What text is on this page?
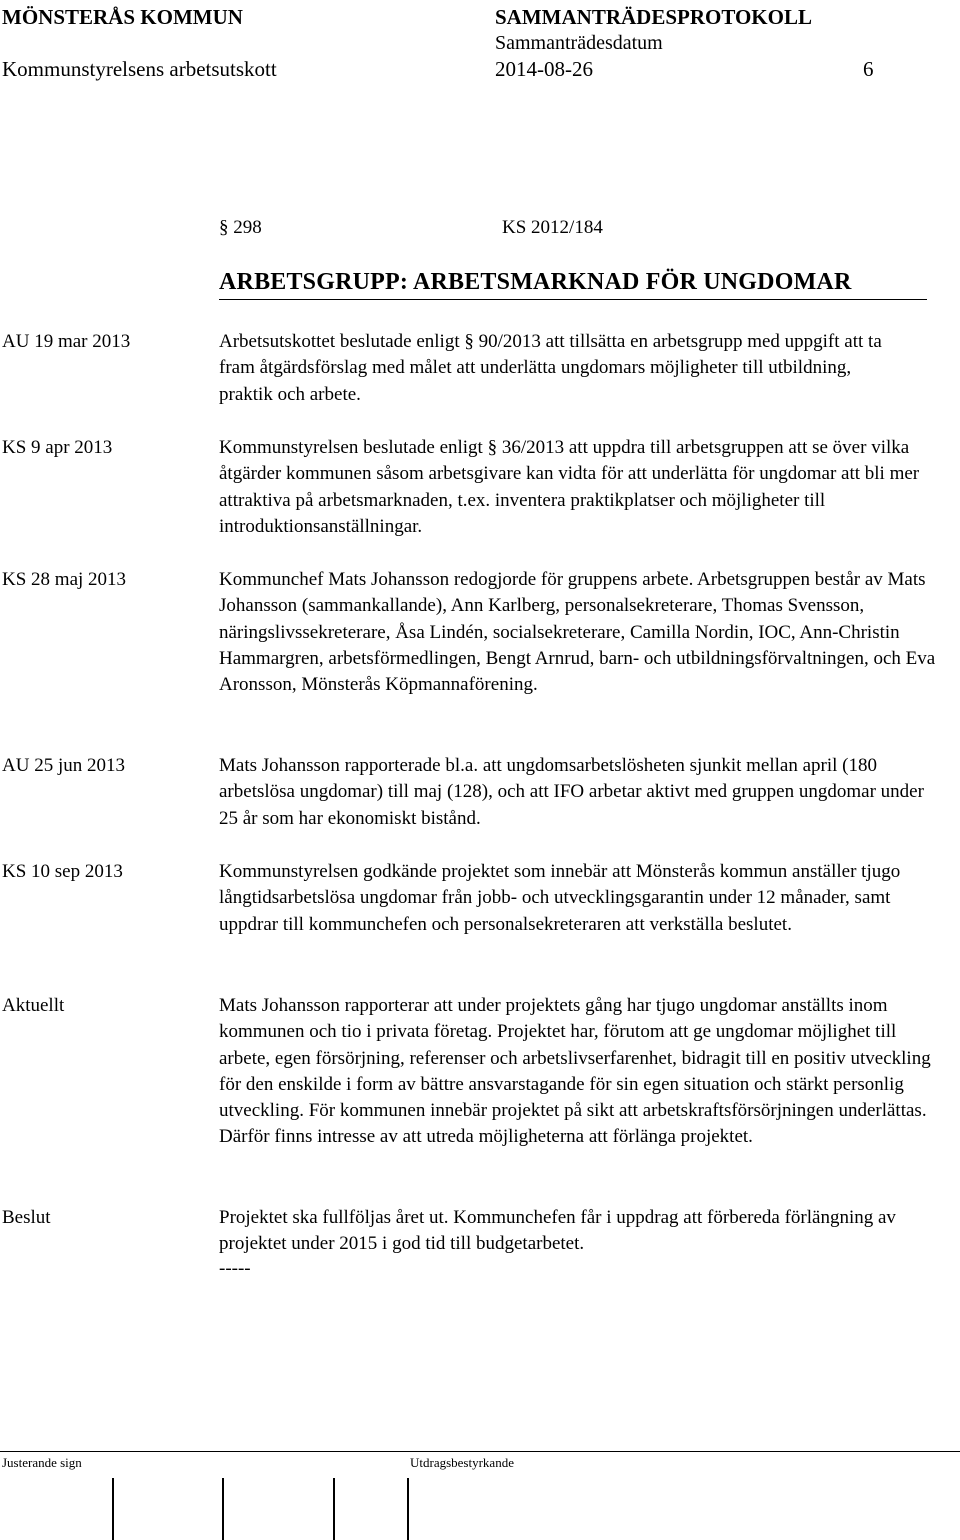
MÖNSTERÅS KOMMUN	SAMMANTRÄDESPROTOKOLL
Sammanträdesdatum
Kommunstyrelsens arbetsutskott	2014-08-26	6
§ 298	KS 2012/184
ARBETSGRUPP: ARBETSMARKNAD FÖR UNGDOMAR
AU 19 mar 2013	Arbetsutskottet beslutade enligt § 90/2013 att tillsätta en arbetsgrupp med uppgift att ta fram åtgärdsförslag med målet att underlätta ungdomars möjligheter till utbildning, praktik och arbete.

KS 9 apr 2013	Kommunstyrelsen beslutade enligt § 36/2013 att uppdra till arbetsgruppen att se över vilka åtgärder kommunen såsom arbetsgivare kan vidta för att underlätta för ungdomar att bli mer attraktiva på arbetsmarknaden, t.ex. inventera praktikplatser och möjligheter till introduktionsanställningar.

KS 28 maj 2013	Kommunchef Mats Johansson redogjorde för gruppens arbete. Arbetsgruppen består av Mats Johansson (sammankallande), Ann Karlberg, personalsekreterare, Thomas Svensson, näringslivssekreterare, Åsa Lindén, socialsekreterare, Camilla Nordin, IOC, Ann-Christin Hammargren, arbetsförmedlingen, Bengt Arnrud, barn- och utbildningsförvaltningen, och Eva Aronsson, Mönsterås Köpmannaförening.

AU 25 jun 2013	Mats Johansson rapporterade bl.a. att ungdomsarbetslösheten sjunkit mellan april (180 arbetslösa ungdomar) till maj (128), och att IFO arbetar aktivt med gruppen ungdomar under 25 år som har ekonomiskt bistånd.

KS 10 sep 2013	Kommunstyrelsen godkände projektet som innebär att Mönsterås kommun anställer tjugo långtidsarbetslösa ungdomar från jobb- och utvecklingsgarantin under 12 månader, samt uppdrar till kommunchefen och personalsekreteraren att verkställa beslutet.

Aktuellt	Mats Johansson rapporterar att under projektets gång har tjugo ungdomar anställts inom kommunen och tio i privata företag. Projektet har, förutom att ge ungdomar möjlighet till arbete, egen försörjning, referenser och arbetslivserfarenhet, bidragit till en positiv utveckling för den enskilde i form av bättre ansvarstagande för sin egen situation och stärkt personlig utveckling. För kommunen innebär projektet på sikt att arbetskraftsförsörjningen underlättas. Därför finns intresse av att utreda möjligheterna att förlänga projektet.

Beslut	Projektet ska fullföljas året ut. Kommunchefen får i uppdrag att förbereda förlängning av projektet under 2015 i god tid till budgetarbetet.

-----

Justerande sign	Utdragsbestyrkande
